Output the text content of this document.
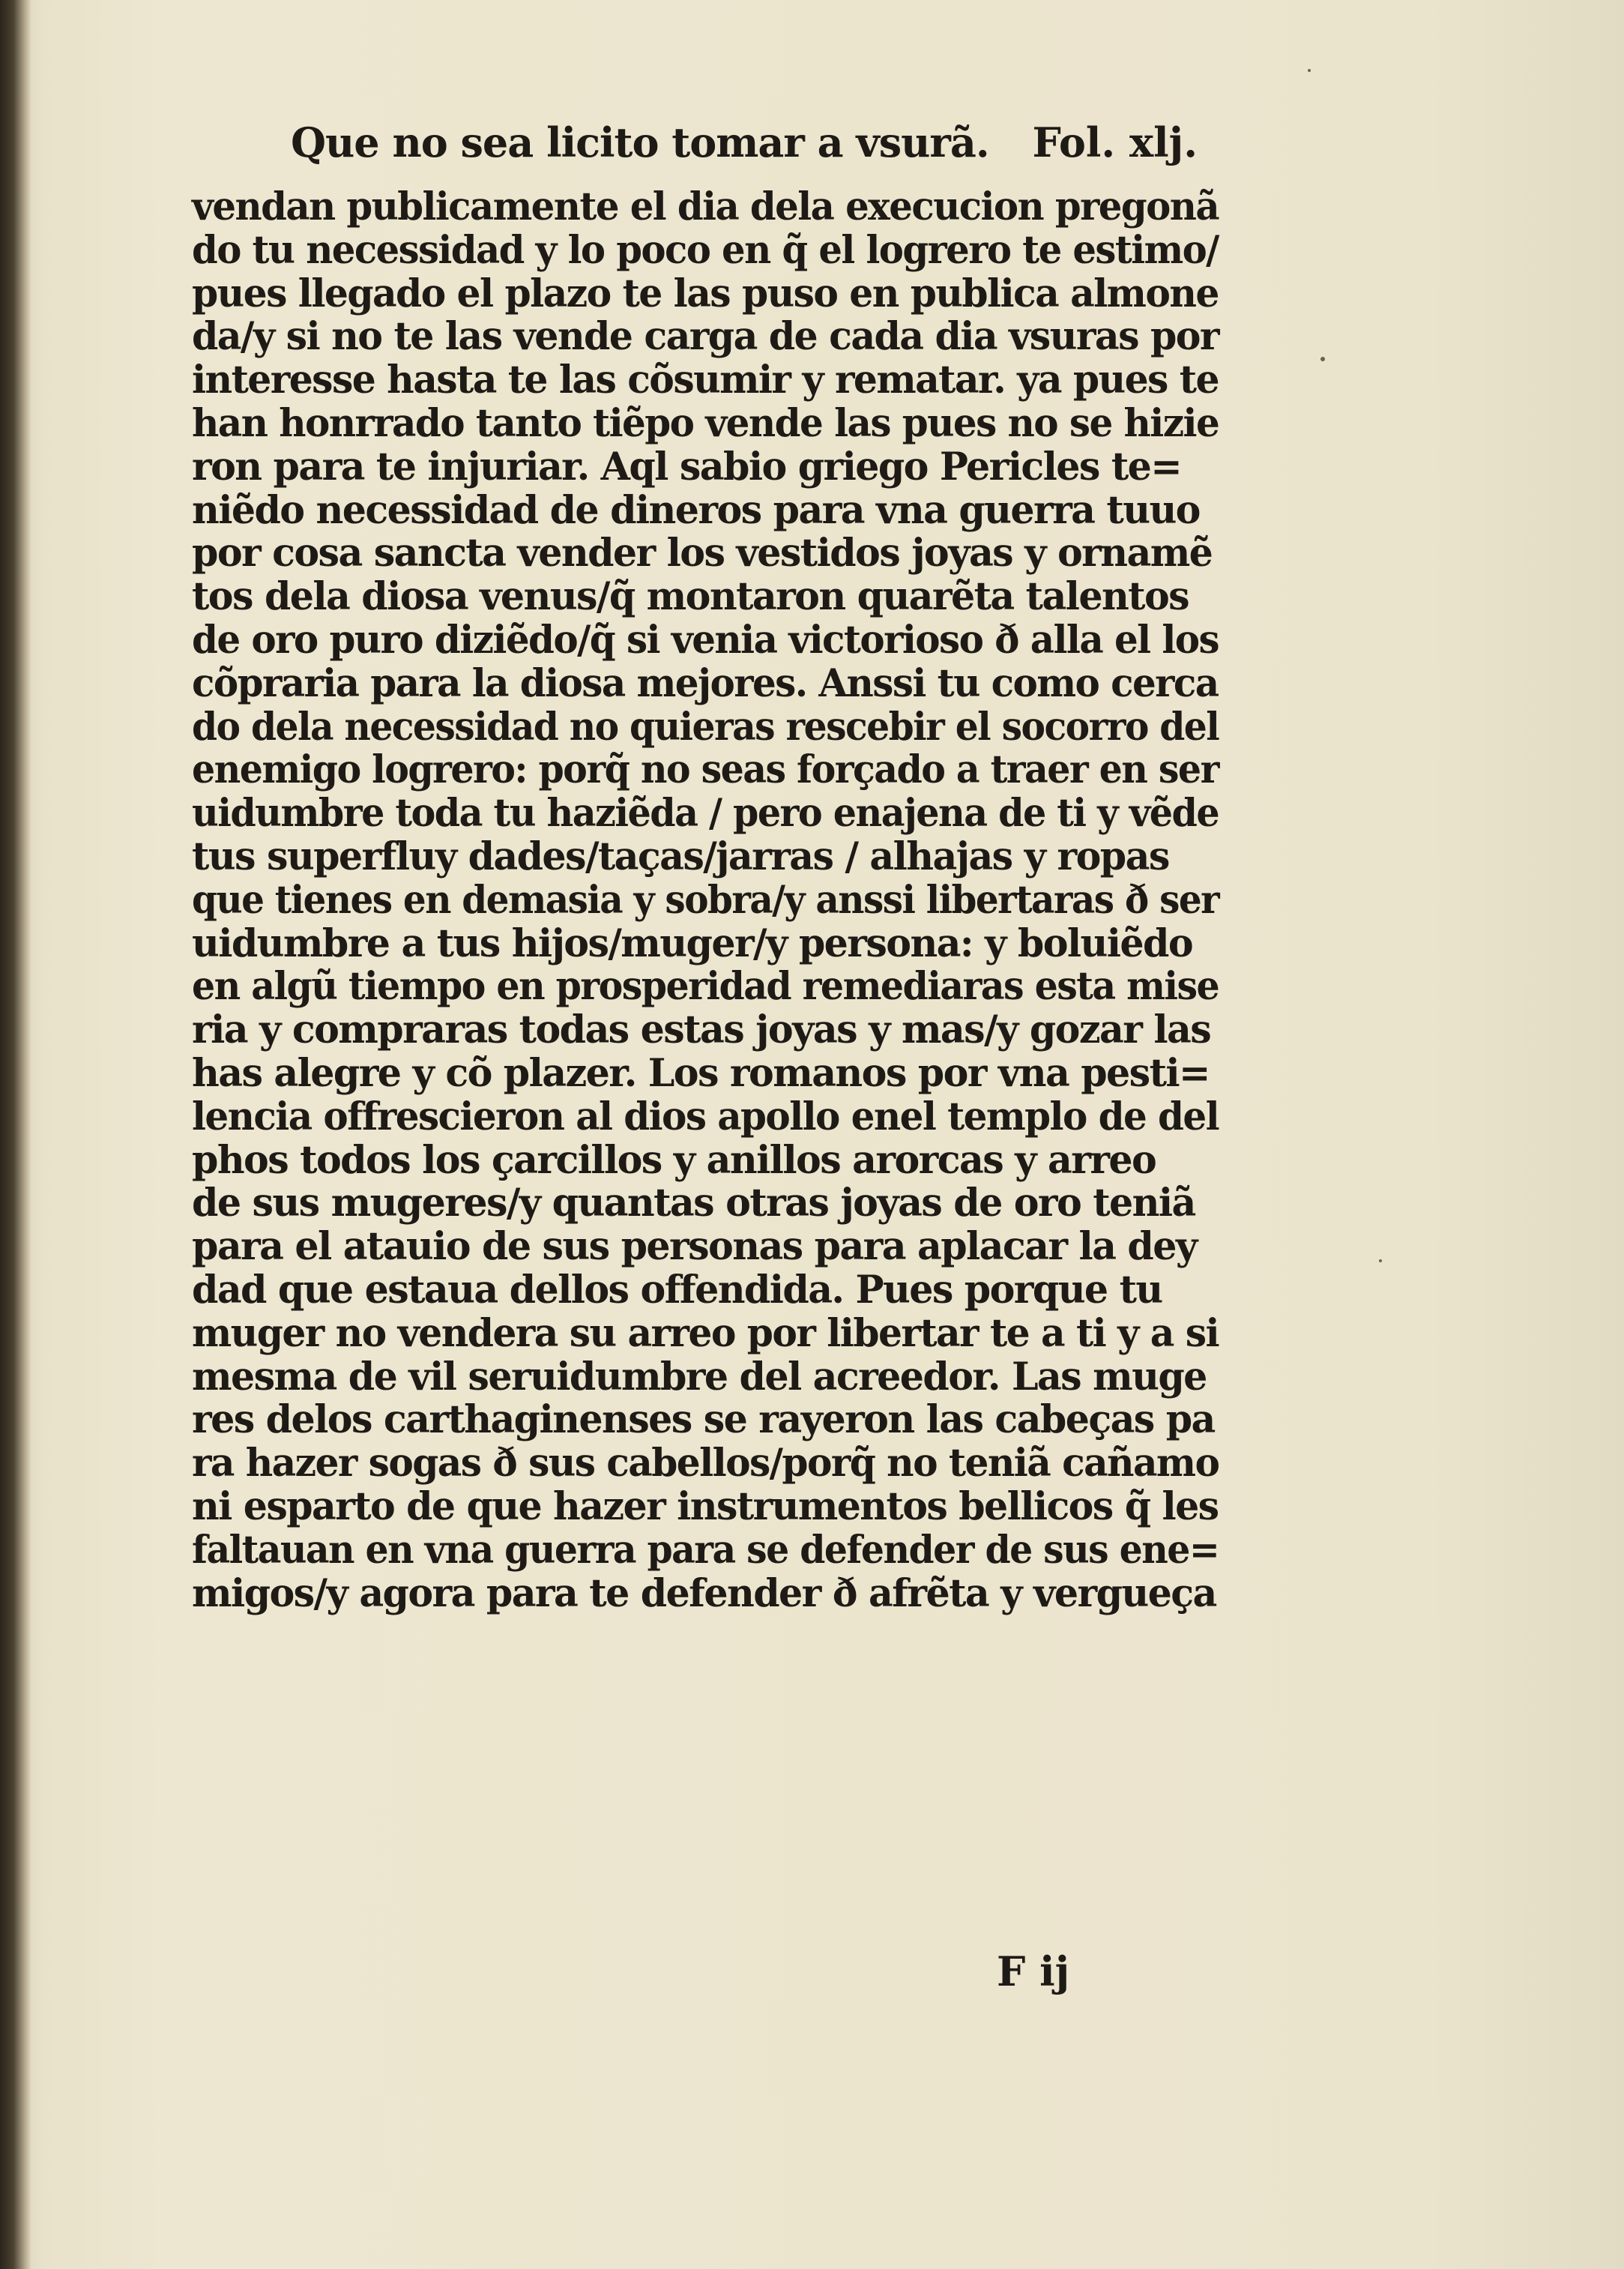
Que no sea licito tomar a vsurã. Fol. xlj.
vendan publicamente el dia dela execucion pregonã
do tu necessidad y lo poco en q̃ el logrero te estimo/
pues llegado el plazo te las puso en publica almone
da/y si no te las vende carga de cada dia vsuras por
interesse hasta te las cõsumir y rematar. ya pues te
han honrrado tanto tiẽpo vende las pues no se hizie
ron para te injuriar. Aql sabio griego Pericles te=
niẽdo necessidad de dineros para vna guerra tuuo
por cosa sancta vender los vestidos joyas y ornamẽ
tos dela diosa venus/q̃ montaron quarẽta talentos
de oro puro diziẽdo/q̃ si venia victorioso ð alla el los
cõpraria para la diosa mejores. Anssi tu como cerca
do dela necessidad no quieras rescebir el socorro del
enemigo logrero: porq̃ no seas forçado a traer en ser
uidumbre toda tu haziẽda / pero enajena de ti y vẽde
tus superfluy dades/taças/jarras / alhajas y ropas
que tienes en demasia y sobra/y anssi libertaras ð ser
uidumbre a tus hijos/muger/y persona: y boluiẽdo
en algũ tiempo en prosperidad remediaras esta mise
ria y compraras todas estas joyas y mas/y gozar las
has alegre y cõ plazer. Los romanos por vna pesti=
lencia offrescieron al dios apollo enel templo de del
phos todos los çarcillos y anillos arorcas y arreo
de sus mugeres/y quantas otras joyas de oro teniã
para el atauio de sus personas para aplacar la dey
dad que estaua dellos offendida. Pues porque tu
muger no vendera su arreo por libertar te a ti y a si
mesma de vil seruidumbre del acreedor. Las muge
res delos carthaginenses se rayeron las cabeças pa
ra hazer sogas ð sus cabellos/porq̃ no teniã cañamo
ni esparto de que hazer instrumentos bellicos q̃ les
faltauan en vna guerra para se defender de sus ene=
migos/y agora para te defender ð afrẽta y vergueça
F ij
